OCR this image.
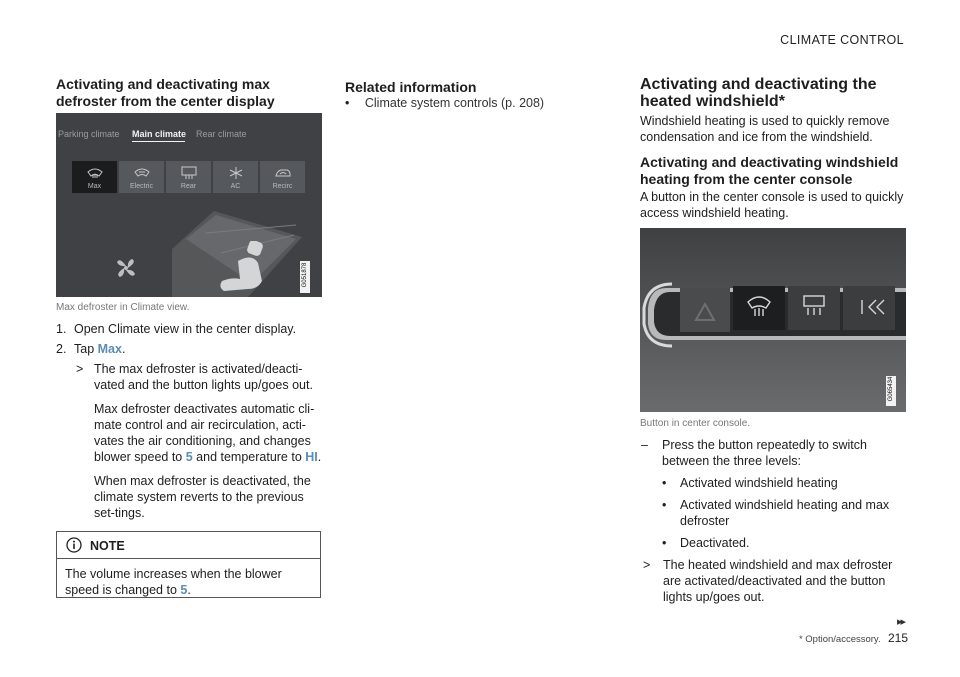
CLIMATE CONTROL
Activating and deactivating max defroster from the center display
Parking climate Main climate Rear climate
Max	Electric	Rear	AC	Recirc
G051878
Max defroster in Climate view.
1. Open Climate view in the center display.
2. Tap Max.
> The max defroster is activated/deacti-vated and the button lights up/goes out.

Max defroster deactivates automatic cli-mate control and air recirculation, acti-vates the air conditioning, and changes blower speed to 5 and temperature to HI.

When max defroster is deactivated, the climate system reverts to the previous set-tings.

NOTE
The volume increases when the blower speed is changed to 5.
Related information
• Climate system controls (p. 208)
Activating and deactivating the heated windshield*
Windshield heating is used to quickly remove condensation and ice from the windshield.
Activating and deactivating windshield heating from the center console
A button in the center console is used to quickly access windshield heating.
G065434
Button in center console.
– Press the button repeatedly to switch between the three levels:
• Activated windshield heating
• Activated windshield heating and max defroster
• Deactivated.
> The heated windshield and max defroster are activated/deactivated and the button lights up/goes out.
▸▸
* Option/accessory. 215
